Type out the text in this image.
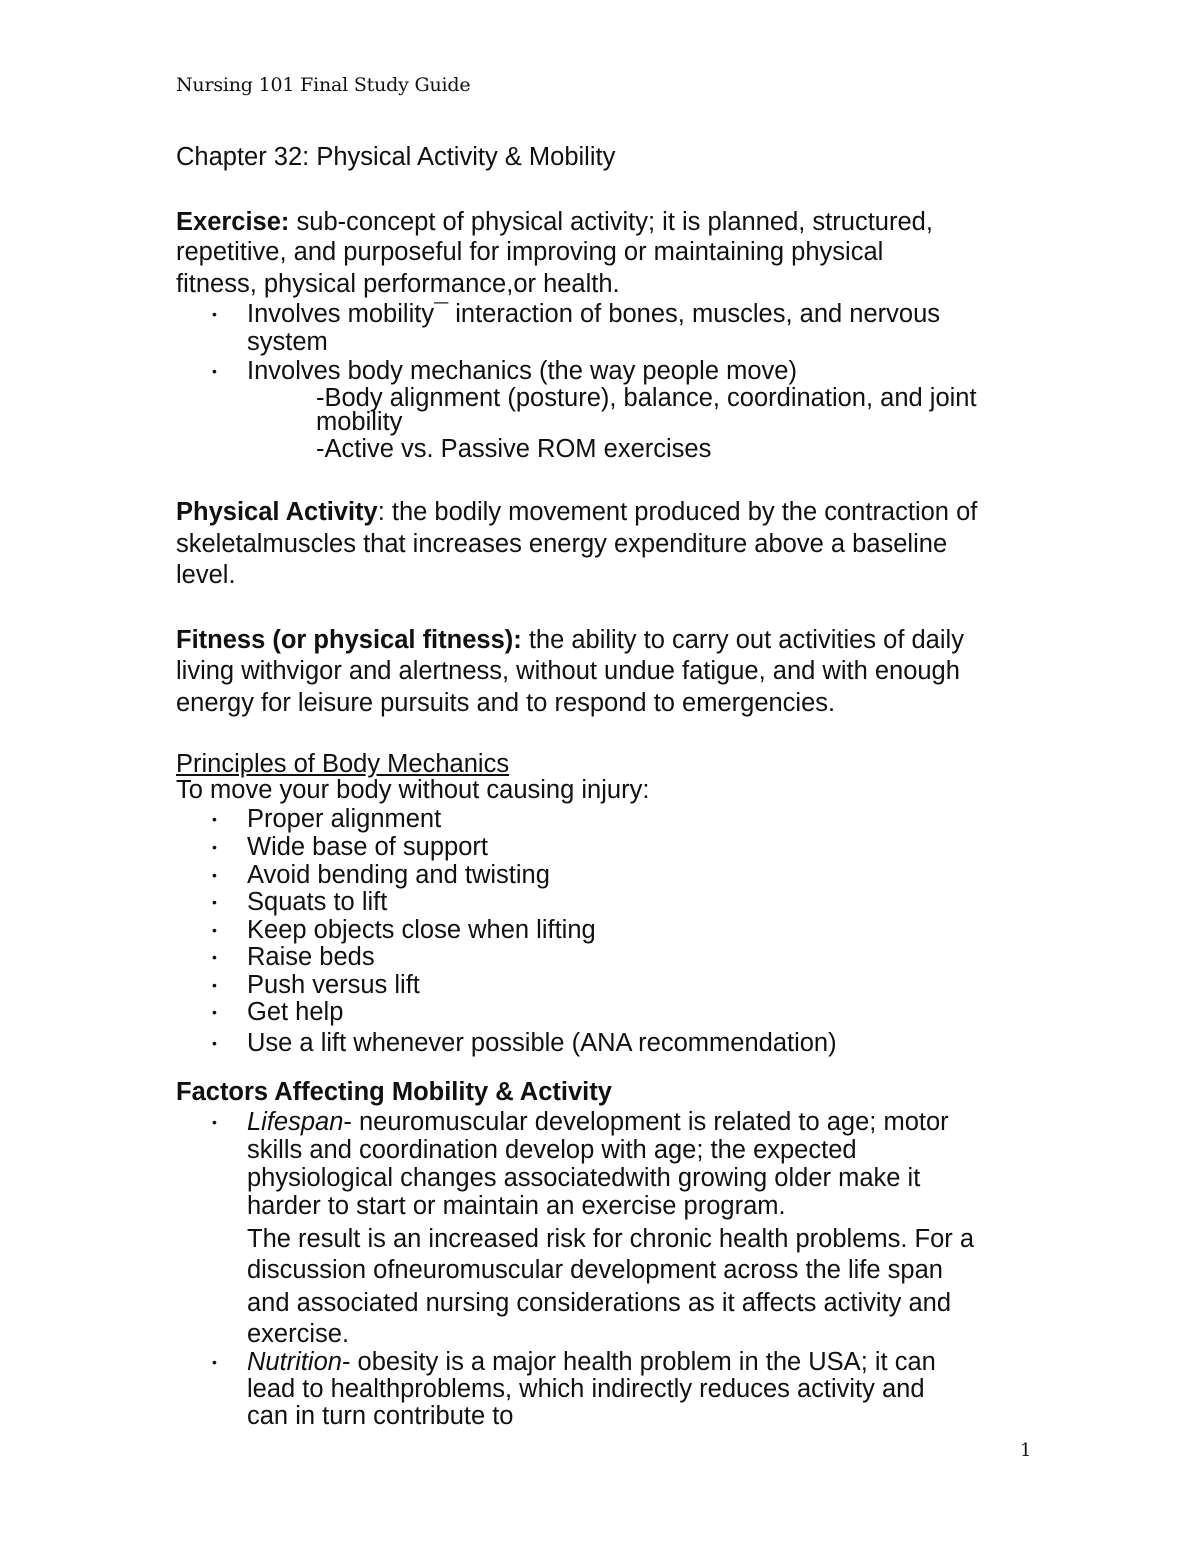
Nursing 101 Final Study Guide
Chapter 32: Physical Activity & Mobility
Exercise: sub-concept of physical activity; it is planned, structured,
repetitive, and purposeful for improving or maintaining physical
fitness, physical performance,or health.
• Involves mobility¯ interaction of bones, muscles, and nervous
system
• Involves body mechanics (the way people move)
-Body alignment (posture), balance, coordination, and joint
mobility
-Active vs. Passive ROM exercises
Physical Activity: the bodily movement produced by the contraction of
skeletalmuscles that increases energy expenditure above a baseline
level.
Fitness (or physical fitness): the ability to carry out activities of daily
living withvigor and alertness, without undue fatigue, and with enough
energy for leisure pursuits and to respond to emergencies.
Principles of Body Mechanics
To move your body without causing injury:
• Proper alignment
• Wide base of support
• Avoid bending and twisting
• Squats to lift
• Keep objects close when lifting
• Raise beds
• Push versus lift
• Get help
• Use a lift whenever possible (ANA recommendation)
Factors Affecting Mobility & Activity
• Lifespan- neuromuscular development is related to age; motor
skills and coordination develop with age; the expected
physiological changes associatedwith growing older make it
harder to start or maintain an exercise program.
The result is an increased risk for chronic health problems. For a
discussion ofneuromuscular development across the life span
and associated nursing considerations as it affects activity and
exercise.
• Nutrition- obesity is a major health problem in the USA; it can
lead to healthproblems, which indirectly reduces activity and
can in turn contribute to
1
